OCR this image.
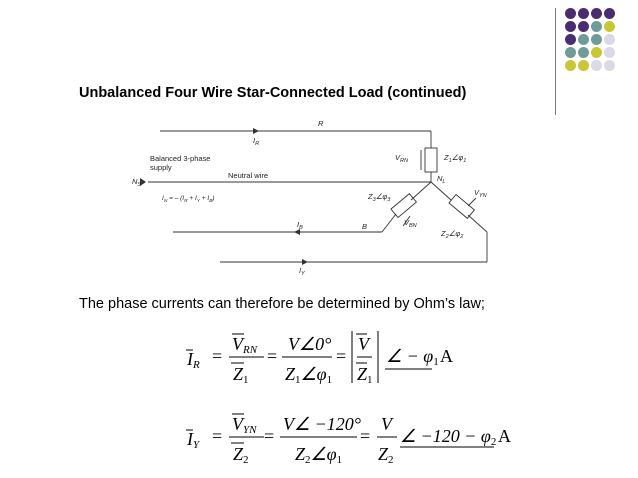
Unbalanced Four Wire Star-Connected Load (continued)
R
$I_R$
Balanced 3-phase
supply
Neutral wire
$N_S$
$I_N$ = – $(I_R + I_Y + I_B)$
$V_{RN}$	$Z_1\angle\varphi_1$
$N_L$
$V_{YN}$
$Z_3\angle\varphi_3$
$V_{BN}$
$Z_2\angle\varphi_2$
$I_B$	B
$I_Y$
The phase currents can therefore be determined by Ohm’s law;
IR =
VRN
Z1
=
V∠0°
Z1∠φ1
=
V
Z1
∠ − φ1 A
IY =
VYN
Z2
=
V∠ −120°
Z2∠φ1
=
V
Z2
∠ −120 − φ2 A
